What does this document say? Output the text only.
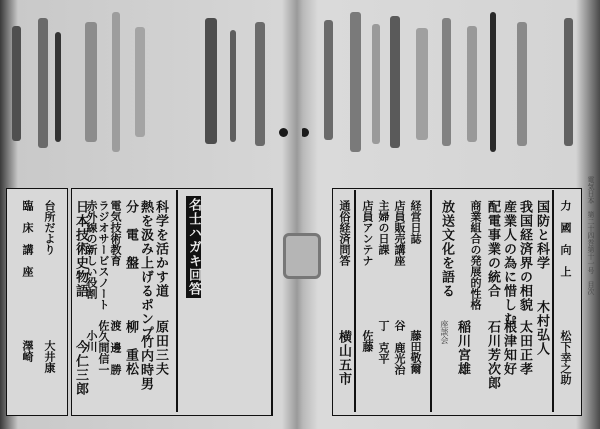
名士ハガキ回答
科学を活かす道
原田三夫
熱を汲み上げるポンプ
竹内時男
分　電　盤
柳　重松
電気技術教育
渡　邊　勝
ラジオサービスノート
佐久間信一
赤外線の新しい役割
小川
日本技術史物語
今仁三郎
台所だより
大井康
臨　床　講　座
澤崎
電気日本　第二十四巻第十一号　目次
力　國　向　上
松下幸之助
国防と科学
木村弘人
我国経済界の相貌
太田正孝
産業人の為に惜しむ
根津知好
配電事業の統合
石川芳次郎
商業組合の発展的性格
稲川宮雄
放送文化を語る
座談会
経営日誌
藤田敬爾
店員販売講座
谷　鹿光治
主婦の日課
丁　克平
店員アンテナ
佐藤
通俗経済問答
横山五市
